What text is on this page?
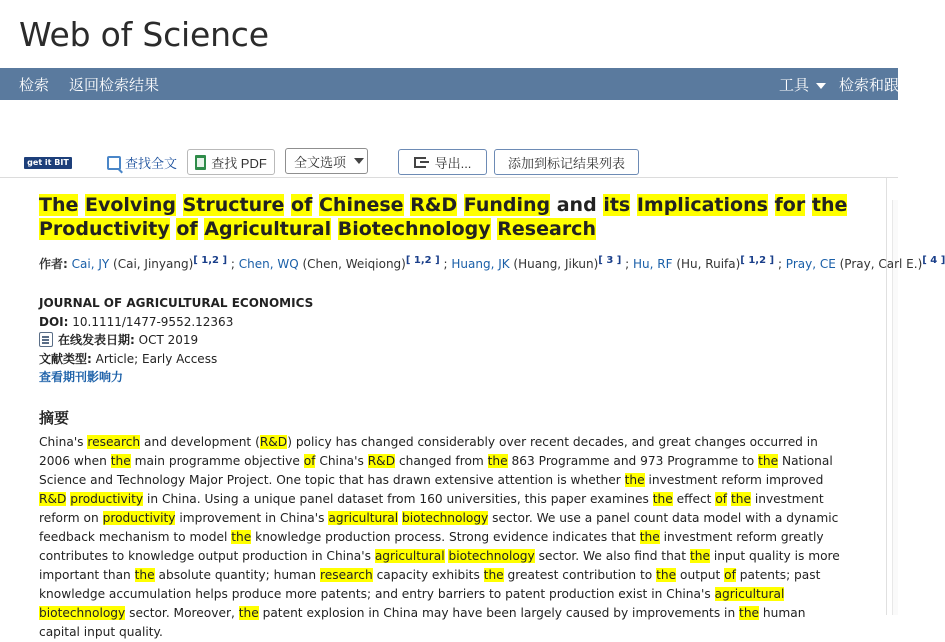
Web of Science
检索 返回检索结果	工具	检索和跟
get it BIT	查找全文	查找 PDF 全文选项	导出...	添加到标记结果列表
The Evolving Structure of Chinese R&D Funding and its Implications for the Productivity of Agricultural Biotechnology Research
作者: Cai, JY (Cai, Jinyang)[ 1,2 ] ; Chen, WQ (Chen, Weiqiong)[ 1,2 ] ; Huang, JK (Huang, Jikun)[ 3 ] ; Hu, RF (Hu, Ruifa)[ 1,2 ] ; Pray, CE (Pray, Carl E.)[ 4 ]
JOURNAL OF AGRICULTURAL ECONOMICS
DOI: 10.1111/1477-9552.12363
在线发表日期: OCT 2019
文献类型: Article; Early Access
查看期刊影响力
摘要
China's research and development (R&D) policy has changed considerably over recent decades, and great changes occurred in 2006 when the main programme objective of China's R&D changed from the 863 Programme and 973 Programme to the National Science and Technology Major Project. One topic that has drawn extensive attention is whether the investment reform improved R&D productivity in China. Using a unique panel dataset from 160 universities, this paper examines the effect of the investment reform on productivity improvement in China's agricultural biotechnology sector. We use a panel count data model with a dynamic feedback mechanism to model the knowledge production process. Strong evidence indicates that the investment reform greatly contributes to knowledge output production in China's agricultural biotechnology sector. We also find that the input quality is more important than the absolute quantity; human research capacity exhibits the greatest contribution to the output of patents; past knowledge accumulation helps produce more patents; and entry barriers to patent production exist in China's agricultural biotechnology sector. Moreover, the patent explosion in China may have been largely caused by improvements in the human capital input quality.
